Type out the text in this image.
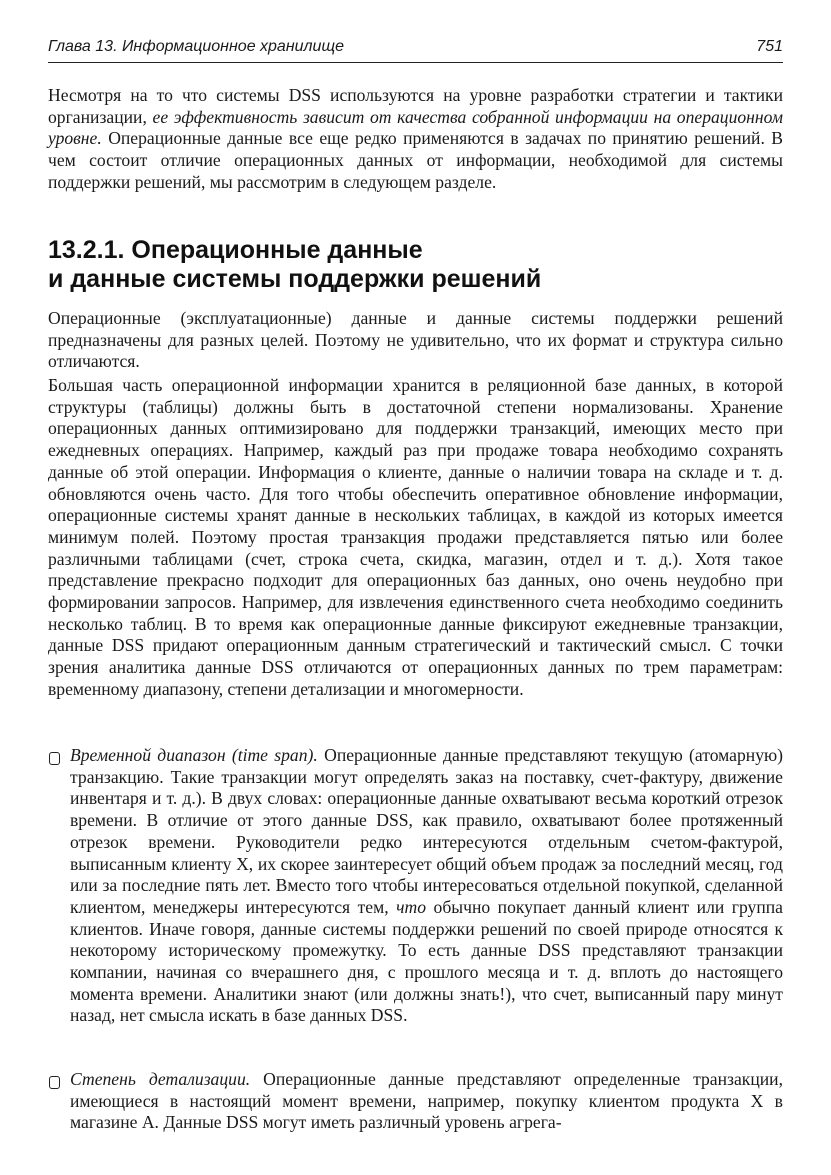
Глава 13. Информационное хранилище	751

Несмотря на то что системы DSS используются на уровне разработки стратегии и тактики организации, ее эффективность зависит от качества собранной информации на операционном уровне. Операционные данные все еще редко применяются в задачах по принятию решений. В чем состоит отличие операционных данных от информации, необходимой для системы поддержки решений, мы рассмотрим в следующем разделе.

13.2.1. Операционные данные
и данные системы поддержки решений

Операционные (эксплуатационные) данные и данные системы поддержки решений предназначены для разных целей. Поэтому не удивительно, что их формат и структура сильно отличаются.

Большая часть операционной информации хранится в реляционной базе данных, в которой структуры (таблицы) должны быть в достаточной степени нормализованы. Хранение операционных данных оптимизировано для поддержки транзакций, имеющих место при ежедневных операциях. Например, каждый раз при продаже товара необходимо сохранять данные об этой операции. Информация о клиенте, данные о наличии товара на складе и т. д. обновляются очень часто. Для того чтобы обеспечить оперативное обновление информации, операционные системы хранят данные в нескольких таблицах, в каждой из которых имеется минимум полей. Поэтому простая транзакция продажи представляется пятью или более различными таблицами (счет, строка счета, скидка, магазин, отдел и т. д.). Хотя такое представление прекрасно подходит для операционных баз данных, оно очень неудобно при формировании запросов. Например, для извлечения единственного счета необходимо соединить несколько таблиц. В то время как операционные данные фиксируют ежедневные транзакции, данные DSS придают операционным данным стратегический и тактический смысл. С точки зрения аналитика данные DSS отличаются от операционных данных по трем параметрам: временному диапазону, степени детализации и многомерности.

Временной диапазон (time span). Операционные данные представляют текущую (атомарную) транзакцию. Такие транзакции могут определять заказ на поставку, счет-фактуру, движение инвентаря и т. д.). В двух словах: операционные данные охватывают весьма короткий отрезок времени. В отличие от этого данные DSS, как правило, охватывают более протяженный отрезок времени. Руководители редко интересуются отдельным счетом-фактурой, выписанным клиенту X, их скорее заинтересует общий объем продаж за последний месяц, год или за последние пять лет. Вместо того чтобы интересоваться отдельной покупкой, сделанной клиентом, менеджеры интересуются тем, что обычно покупает данный клиент или группа клиентов. Иначе говоря, данные системы поддержки решений по своей природе относятся к некоторому историческому промежутку. То есть данные DSS представляют транзакции компании, начиная со вчерашнего дня, с прошлого месяца и т. д. вплоть до настоящего момента времени. Аналитики знают (или должны знать!), что счет, выписанный пару минут назад, нет смысла искать в базе данных DSS.

Степень детализации. Операционные данные представляют определенные транзакции, имеющиеся в настоящий момент времени, например, покупку клиентом продукта X в магазине А. Данные DSS могут иметь различный уровень агрега-
